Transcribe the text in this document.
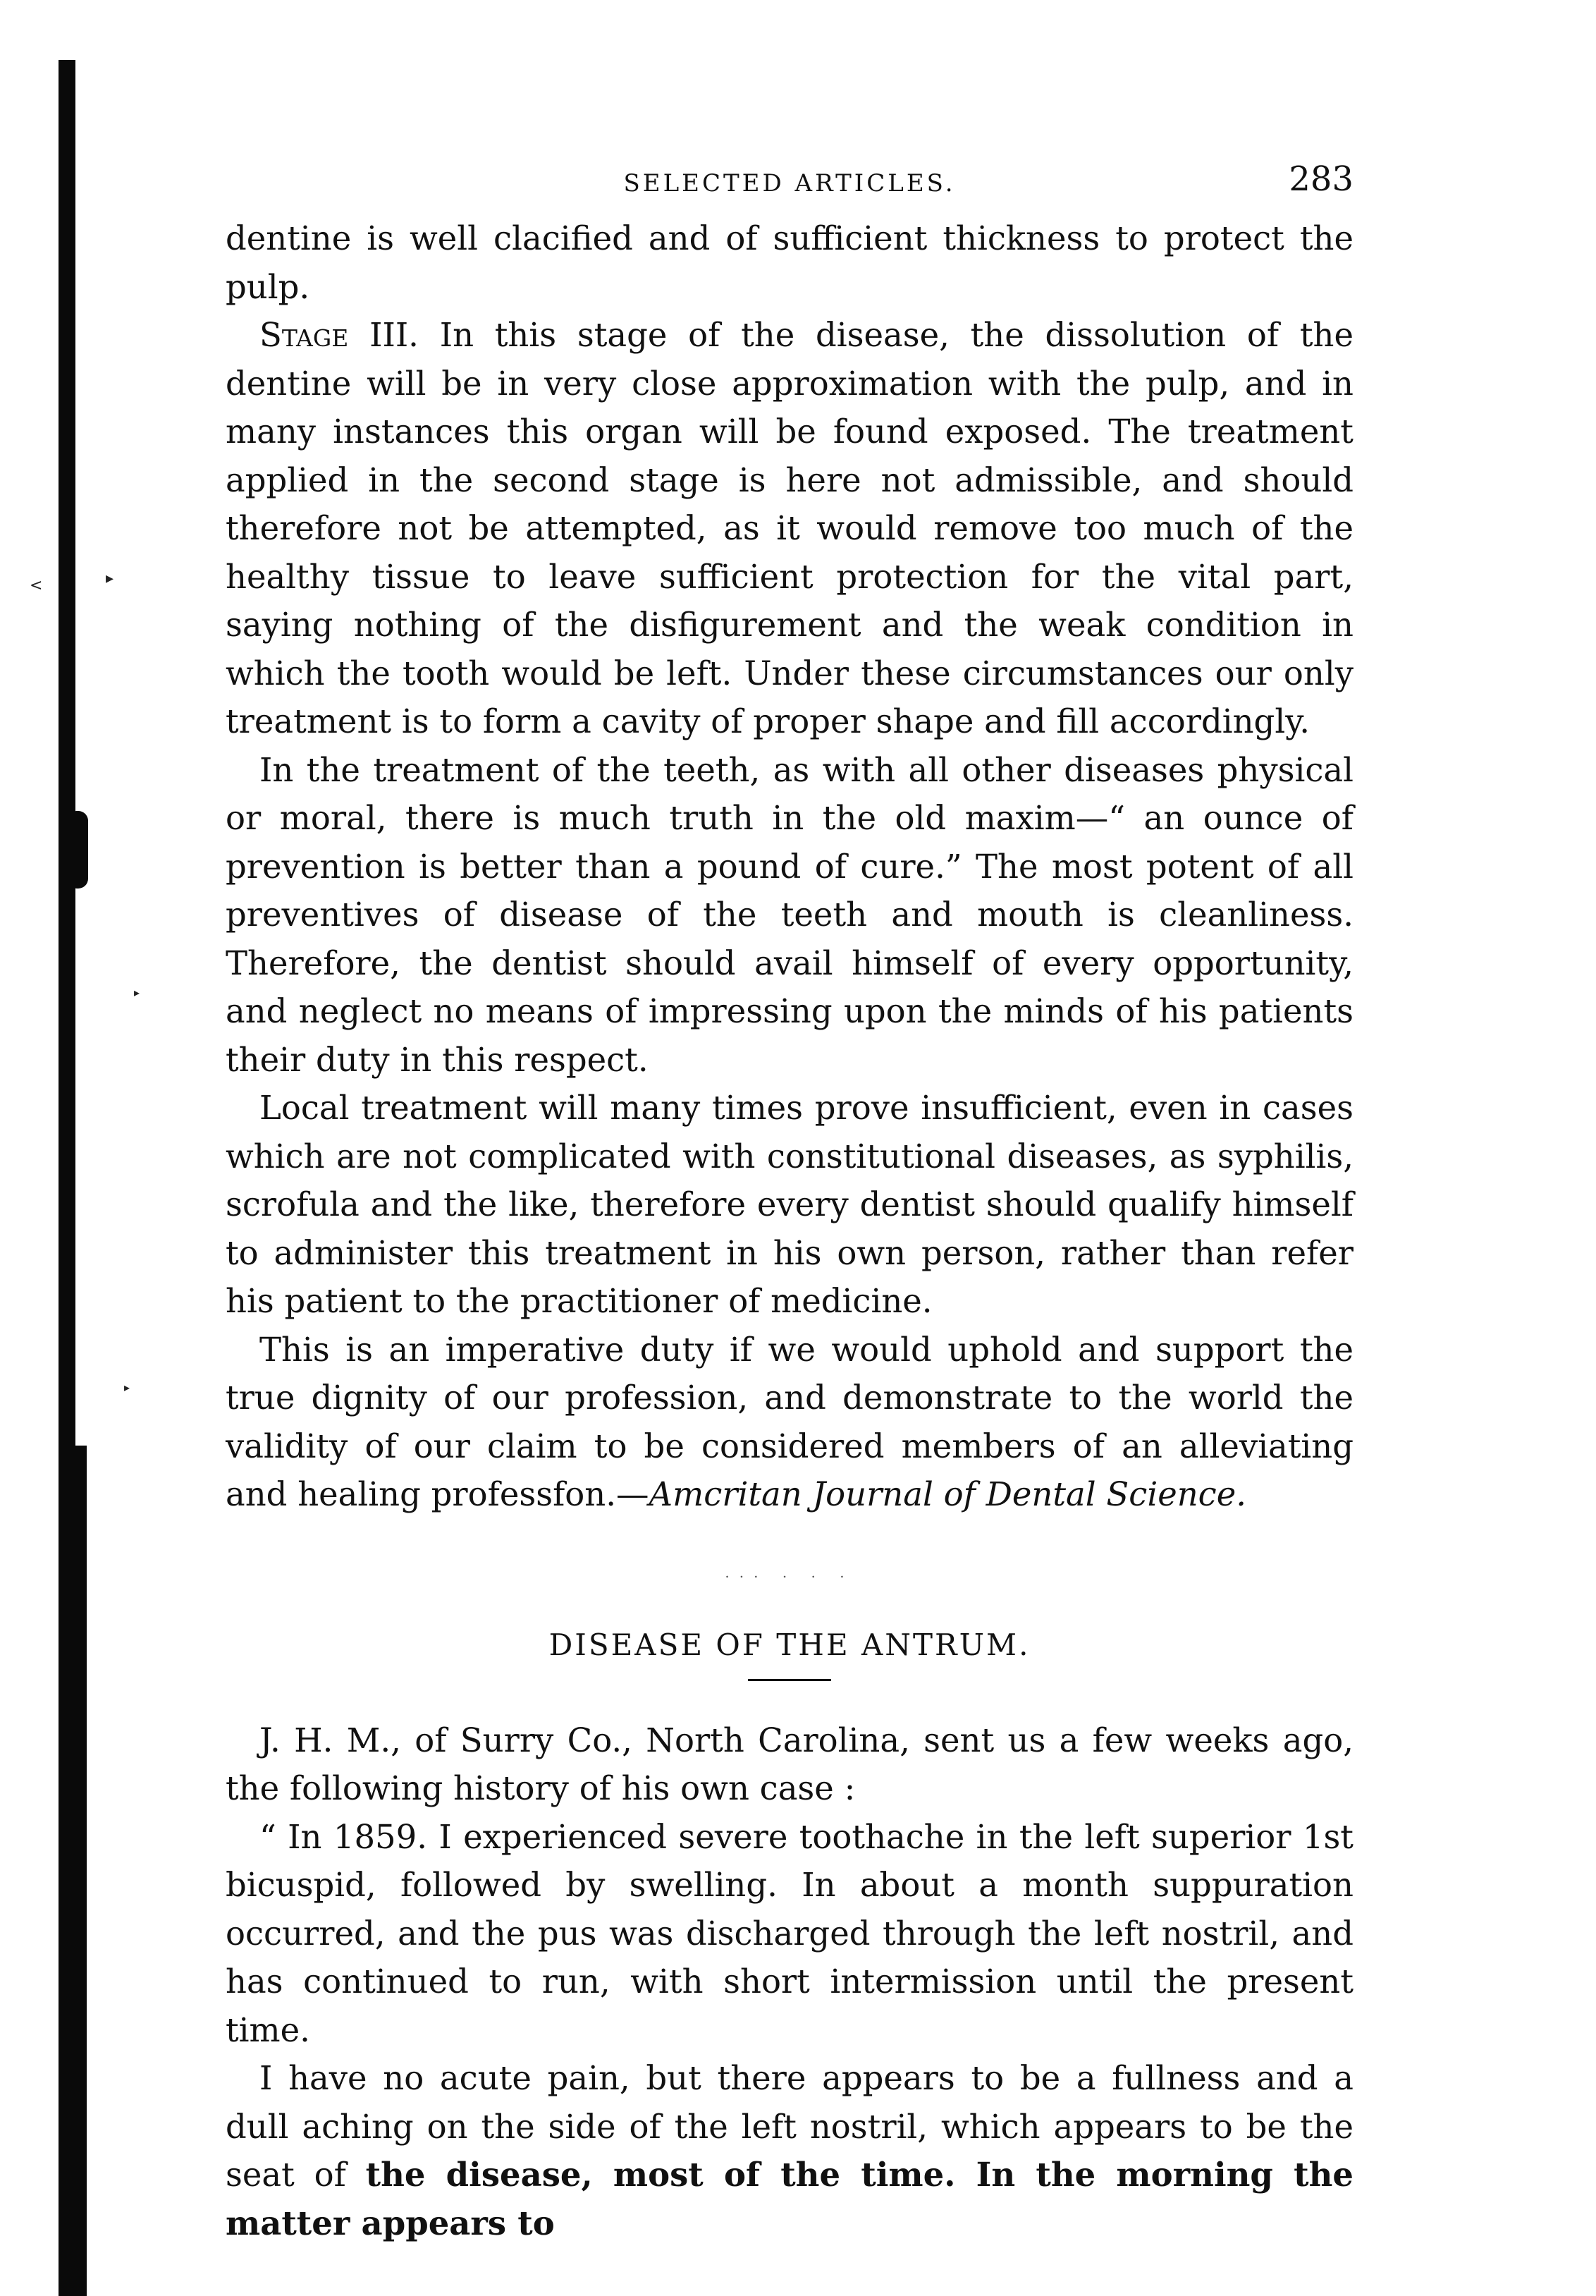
<	▸
▸
▸
SELECTED ARTICLES.	283

dentine is well clacified and of sufficient thickness to protect the pulp.

Stage III. In this stage of the disease, the dissolution of the dentine will be in very close approximation with the pulp, and in many instances this organ will be found exposed. The treatment applied in the second stage is here not admissible, and should therefore not be attempted, as it would remove too much of the healthy tissue to leave sufficient protection for the vital part, saying nothing of the disfigurement and the weak condition in which the tooth would be left. Under these circumstances our only treatment is to form a cavity of proper shape and fill accordingly.

In the treatment of the teeth, as with all other diseases physical or moral, there is much truth in the old maxim—“ an ounce of prevention is better than a pound of cure.” The most potent of all preventives of disease of the teeth and mouth is cleanliness. Therefore, the dentist should avail himself of every opportunity, and neglect no means of impressing upon the minds of his patients their duty in this respect.

Local treatment will many times prove insufficient, even in cases which are not complicated with constitutional diseases, as syphilis, scrofula and the like, therefore every dentist should qualify himself to administer this treatment in his own person, rather than refer his patient to the practitioner of medicine.

This is an imperative duty if we would uphold and support the true dignity of our profession, and demonstrate to the world the validity of our claim to be considered members of an alleviating and healing professfon.—Amcritan Journal of Dental Science.

... . . .
DISEASE OF THE ANTRUM.

J. H. M., of Surry Co., North Carolina, sent us a few weeks ago, the following history of his own case :

“ In 1859. I experienced severe toothache in the left superior 1st bicuspid, followed by swelling. In about a month suppuration occurred, and the pus was discharged through the left nostril, and has continued to run, with short intermission until the present time.

I have no acute pain, but there appears to be a fullness and a dull aching on the side of the left nostril, which appears to be the seat of the disease, most of the time. In the morning the matter appears to
